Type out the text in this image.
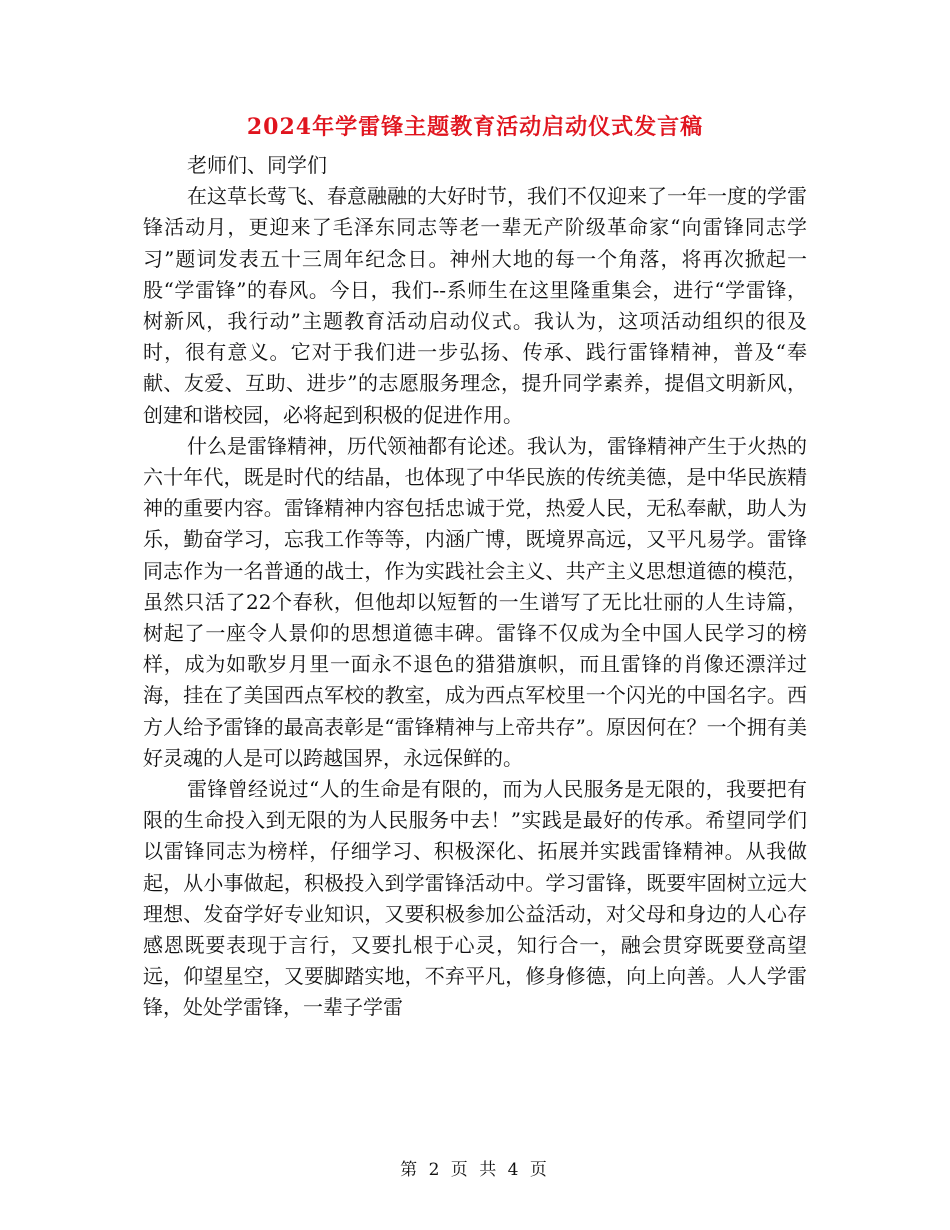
2024年学雷锋主题教育活动启动仪式发言稿

老师们、同学们

在这草长莺飞、春意融融的大好时节，我们不仅迎来了一年一度的学雷锋活动月，更迎来了毛泽东同志等老一辈无产阶级革命家“向雷锋同志学习”题词发表五十三周年纪念日。神州大地的每一个角落，将再次掀起一股“学雷锋”的春风。今日，我们--系师生在这里隆重集会，进行“学雷锋，树新风，我行动”主题教育活动启动仪式。我认为，这项活动组织的很及时，很有意义。它对于我们进一步弘扬、传承、践行雷锋精神，普及“奉献、友爱、互助、进步”的志愿服务理念，提升同学素养，提倡文明新风，创建和谐校园，必将起到积极的促进作用。

什么是雷锋精神，历代领袖都有论述。我认为，雷锋精神产生于火热的六十年代，既是时代的结晶，也体现了中华民族的传统美德，是中华民族精神的重要内容。雷锋精神内容包括忠诚于党，热爱人民，无私奉献，助人为乐，勤奋学习，忘我工作等等，内涵广博，既境界高远，又平凡易学。雷锋同志作为一名普通的战士，作为实践社会主义、共产主义思想道德的模范，虽然只活了22个春秋，但他却以短暂的一生谱写了无比壮丽的人生诗篇，树起了一座令人景仰的思想道德丰碑。雷锋不仅成为全中国人民学习的榜样，成为如歌岁月里一面永不退色的猎猎旗帜，而且雷锋的肖像还漂洋过海，挂在了美国西点军校的教室，成为西点军校里一个闪光的中国名字。西方人给予雷锋的最高表彰是“雷锋精神与上帝共存”。原因何在？一个拥有美好灵魂的人是可以跨越国界，永远保鲜的。

雷锋曾经说过“人的生命是有限的，而为人民服务是无限的，我要把有限的生命投入到无限的为人民服务中去！”实践是最好的传承。希望同学们以雷锋同志为榜样，仔细学习、积极深化、拓展并实践雷锋精神。从我做起，从小事做起，积极投入到学雷锋活动中。学习雷锋，既要牢固树立远大理想、发奋学好专业知识，又要积极参加公益活动，对父母和身边的人心存感恩既要表现于言行，又要扎根于心灵，知行合一，融会贯穿既要登高望远，仰望星空，又要脚踏实地，不弃平凡，修身修德，向上向善。人人学雷锋，处处学雷锋，一辈子学雷

第 2 页 共 4 页
